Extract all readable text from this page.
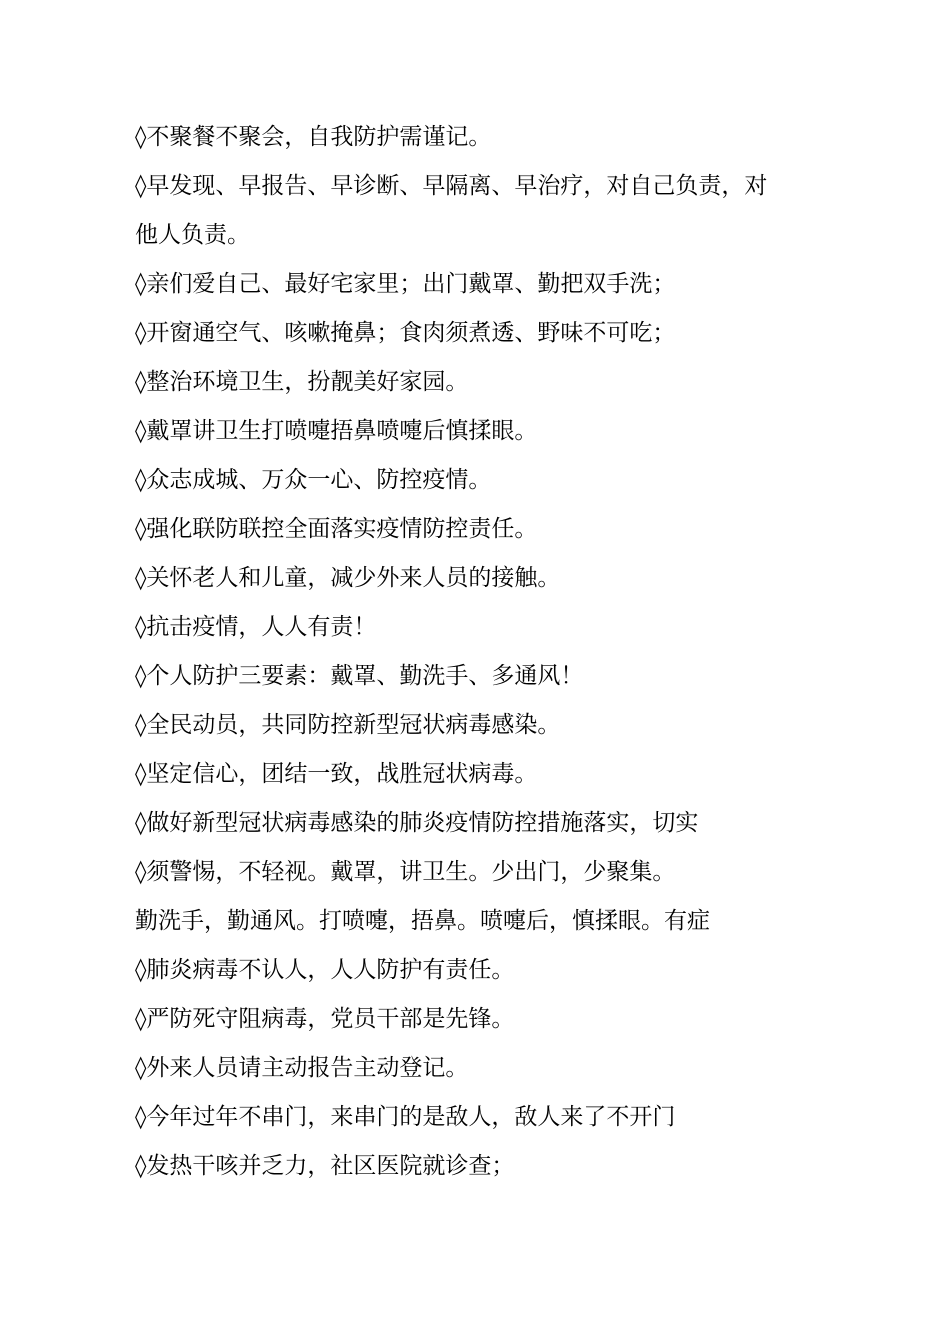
◊不聚餐不聚会，自我防护需谨记。

◊早发现、早报告、早诊断、早隔离、早治疗，对自己负责，对

他人负责。

◊亲们爱自己、最好宅家里；出门戴罩、勤把双手洗；

◊开窗通空气、咳嗽掩鼻；食肉须煮透、野味不可吃；

◊整治环境卫生，扮靓美好家园。

◊戴罩讲卫生打喷嚏捂鼻喷嚏后慎揉眼。

◊众志成城、万众一心、防控疫情。

◊强化联防联控全面落实疫情防控责任。

◊关怀老人和儿童，减少外来人员的接触。

◊抗击疫情，人人有责！

◊个人防护三要素：戴罩、勤洗手、多通风！

◊全民动员，共同防控新型冠状病毒感染。

◊坚定信心，团结一致，战胜冠状病毒。

◊做好新型冠状病毒感染的肺炎疫情防控措施落实，切实

◊须警惕，不轻视。戴罩，讲卫生。少出门，少聚集。

勤洗手，勤通风。打喷嚏，捂鼻。喷嚏后，慎揉眼。有症

◊肺炎病毒不认人，人人防护有责任。

◊严防死守阻病毒，党员干部是先锋。

◊外来人员请主动报告主动登记。

◊今年过年不串门，来串门的是敌人，敌人来了不开门

◊发热干咳并乏力，社区医院就诊查；
